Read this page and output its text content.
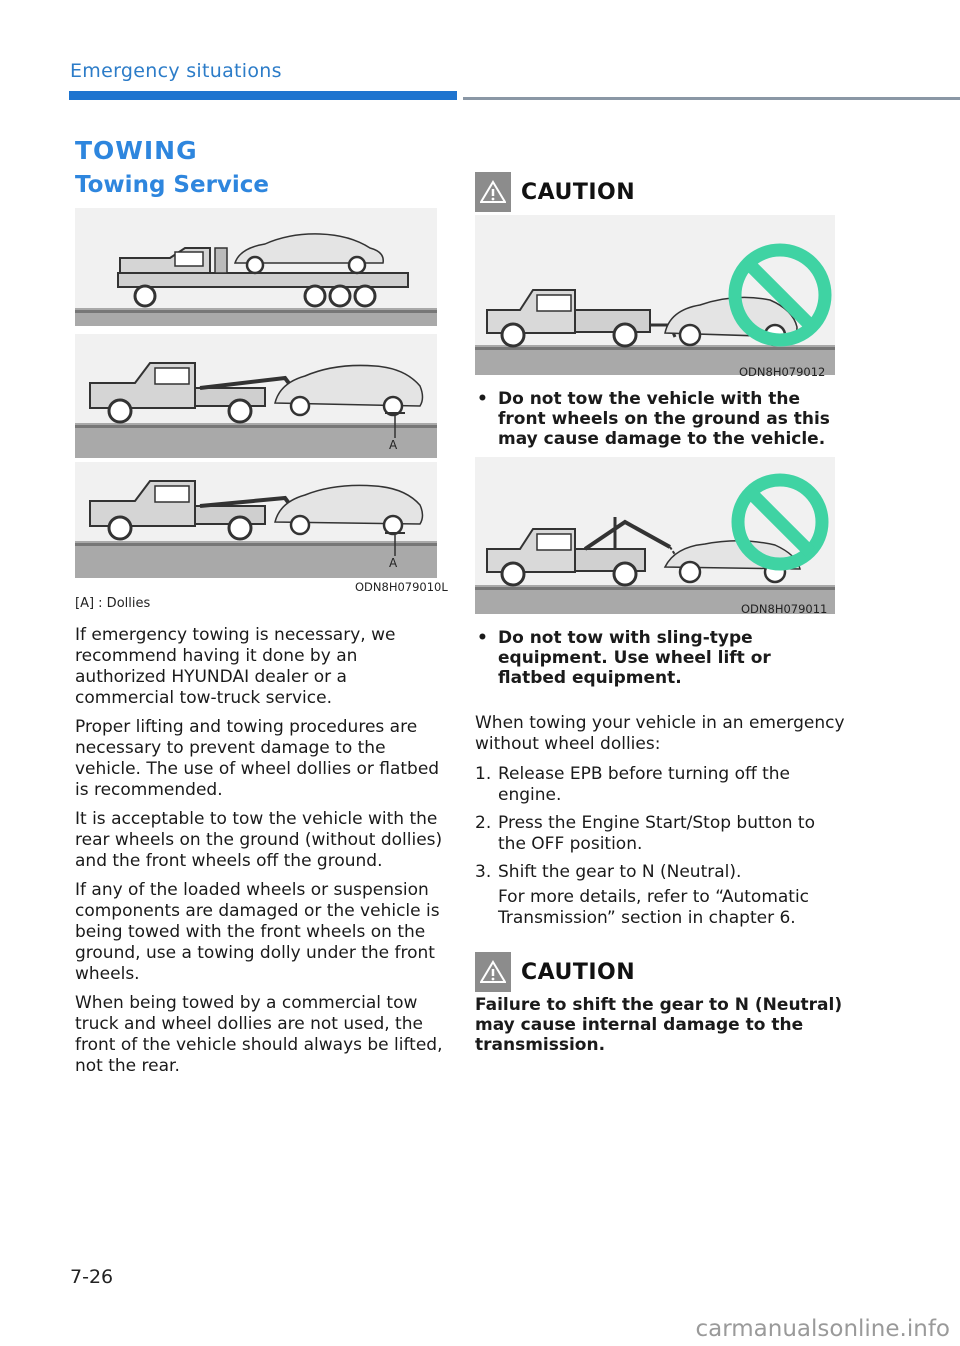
Emergency situations
TOWING
Towing Service
A
A
ODN8H079010L
[A] : Dollies

If emergency towing is necessary, we recommend having it done by an authorized HYUNDAI dealer or a commercial tow-truck service.

Proper lifting and towing procedures are necessary to prevent damage to the vehicle. The use of wheel dollies or flatbed is recommended.

It is acceptable to tow the vehicle with the rear wheels on the ground (without dollies) and the front wheels off the ground.

If any of the loaded wheels or suspension components are damaged or the vehicle is being towed with the front wheels on the ground, use a towing dolly under the front wheels.

When being towed by a commercial tow truck and wheel dollies are not used, the front of the vehicle should always be lifted, not the rear.

CAUTION
ODN8H079012
• Do not tow the vehicle with the front wheels on the ground as this may cause damage to the vehicle.
ODN8H079011
• Do not tow with sling-type equipment. Use wheel lift or flatbed equipment.
When towing your vehicle in an emergency without wheel dollies:
1. Release EPB before turning off the engine.
2. Press the Engine Start/Stop button to the OFF position.
3. Shift the gear to N (Neutral).
For more details, refer to “Automatic Transmission” section in chapter 6.
CAUTION
Failure to shift the gear to N (Neutral) may cause internal damage to the transmission.
7-26
carmanualsonline.info
